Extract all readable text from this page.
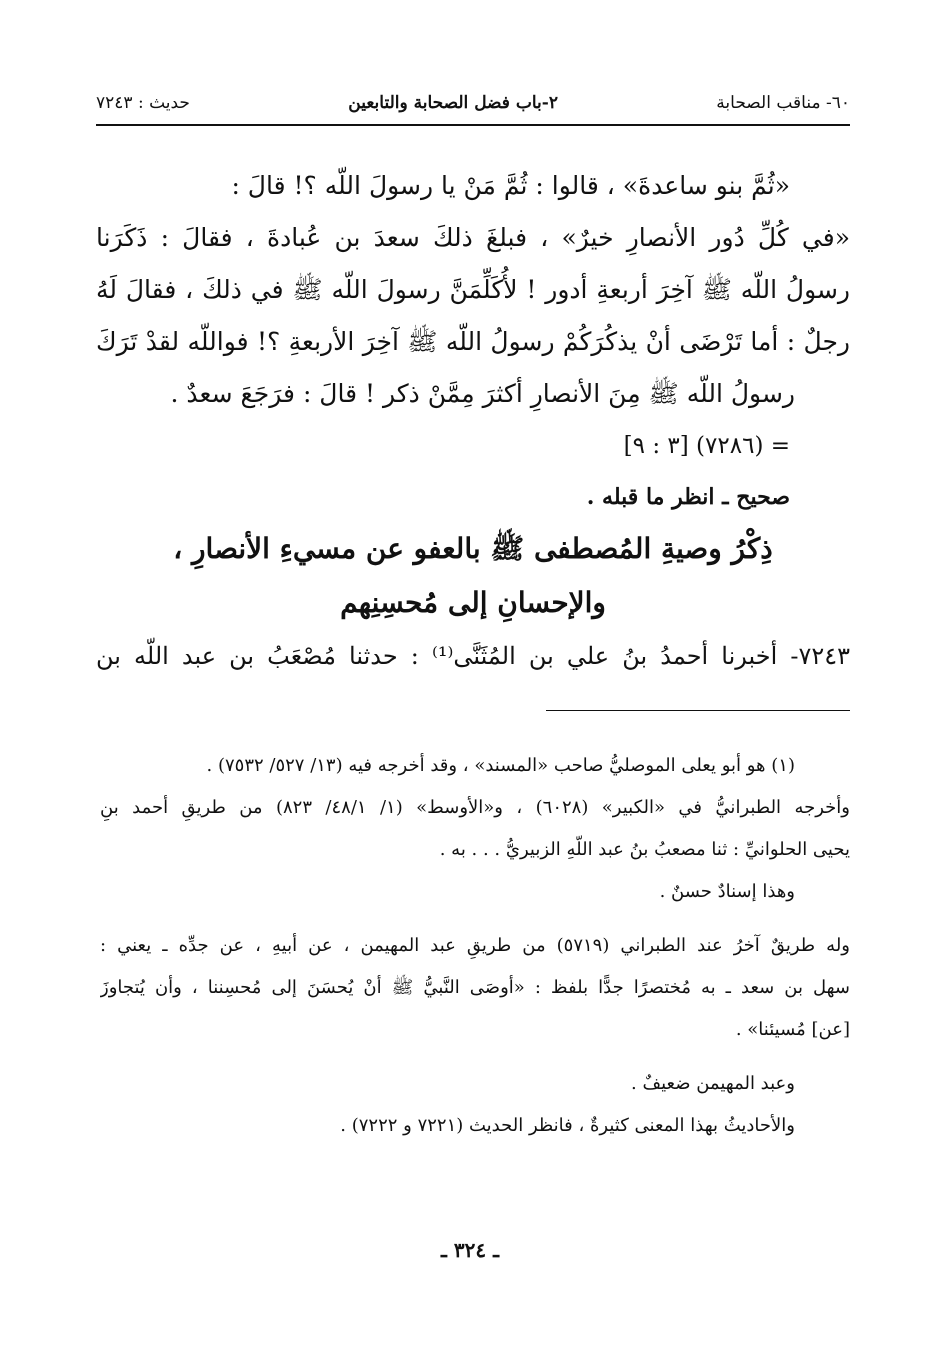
٦٠- مناقب الصحابة
٢-باب فضل الصحابة والتابعين
حديث : ٧٢٤٣
«ثُمَّ بنو ساعدةَ» ، قالوا : ثُمَّ مَنْ يا رسولَ اللّه ؟! قالَ :
«في كُلِّ دُور الأنصارِ خيرٌ» ، فبلغَ ذلكَ سعدَ بن عُبادةَ ، فقالَ : ذَكَرَنا
رسولُ اللّه ﷺ آخِرَ أربعةِ أدور ! لأُكَلِّمَنَّ رسولَ اللّه ﷺ في ذلكَ ، فقالَ لَهُ
رجلٌ : أما تَرْضَى أنْ يذكُرَكُمْ رسولُ اللّه ﷺ آخِرَ الأربعةِ ؟! فواللّه لقدْ تَرَكَ
رسولُ اللّه ﷺ مِنَ الأنصارِ أكثرَ مِمَّنْ ذكر ! قالَ : فرَجَعَ سعدٌ .
= (٧٢٨٦) [٣ : ٩]
صحيح ـ انظر ما قبله .
ذِكْرُ وصيةِ المُصطفى ﷺ بالعفو عن مسيءِ الأنصارِ ،
والإحسانِ إلى مُحسِنِهم
٧٢٤٣- أخبرنا أحمدُ بنُ علي بن المُثَنَّى⁽¹⁾ : حدثنا مُصْعَبُ بن عبد اللّه بن
(١) هو أبو يعلى الموصليُّ صاحب «المسند» ، وقد أخرجه فيه (١٣/ ٥٢٧/ ٧٥٣٢) .
وأخرجه الطبرانيُّ في «الكبير» (٦٠٢٨) ، و«الأوسط» (١/ ٤٨/١/ ٨٢٣) من طريقِ أحمد بنِ
يحيى الحلوانيِّ : ثنا مصعبُ بنُ عبد اللّهِ الزبيريُّ . . . به .
وهذا إسنادٌ حسنٌ .
وله طريقٌ آخرُ عند الطبراني (٥٧١٩) من طريقِ عبد المهيمن ، عن أبيهِ ، عن جدِّه ـ يعني :
سهل بن سعد ـ به مُختصرًا جدًّا بلفظ : «أوصَى النَّبيُّ ﷺ أنْ يُحسَنَ إلى مُحسِننا ، وأن يُتجاوزَ
[عن] مُسيئنا» .
وعبد المهيمن ضعيفٌ .
والأحاديثُ بهذا المعنى كثيرةٌ ، فانظر الحديث (٧٢٢١ و ٧٢٢٢) .
ـ ٣٢٤ ـ
